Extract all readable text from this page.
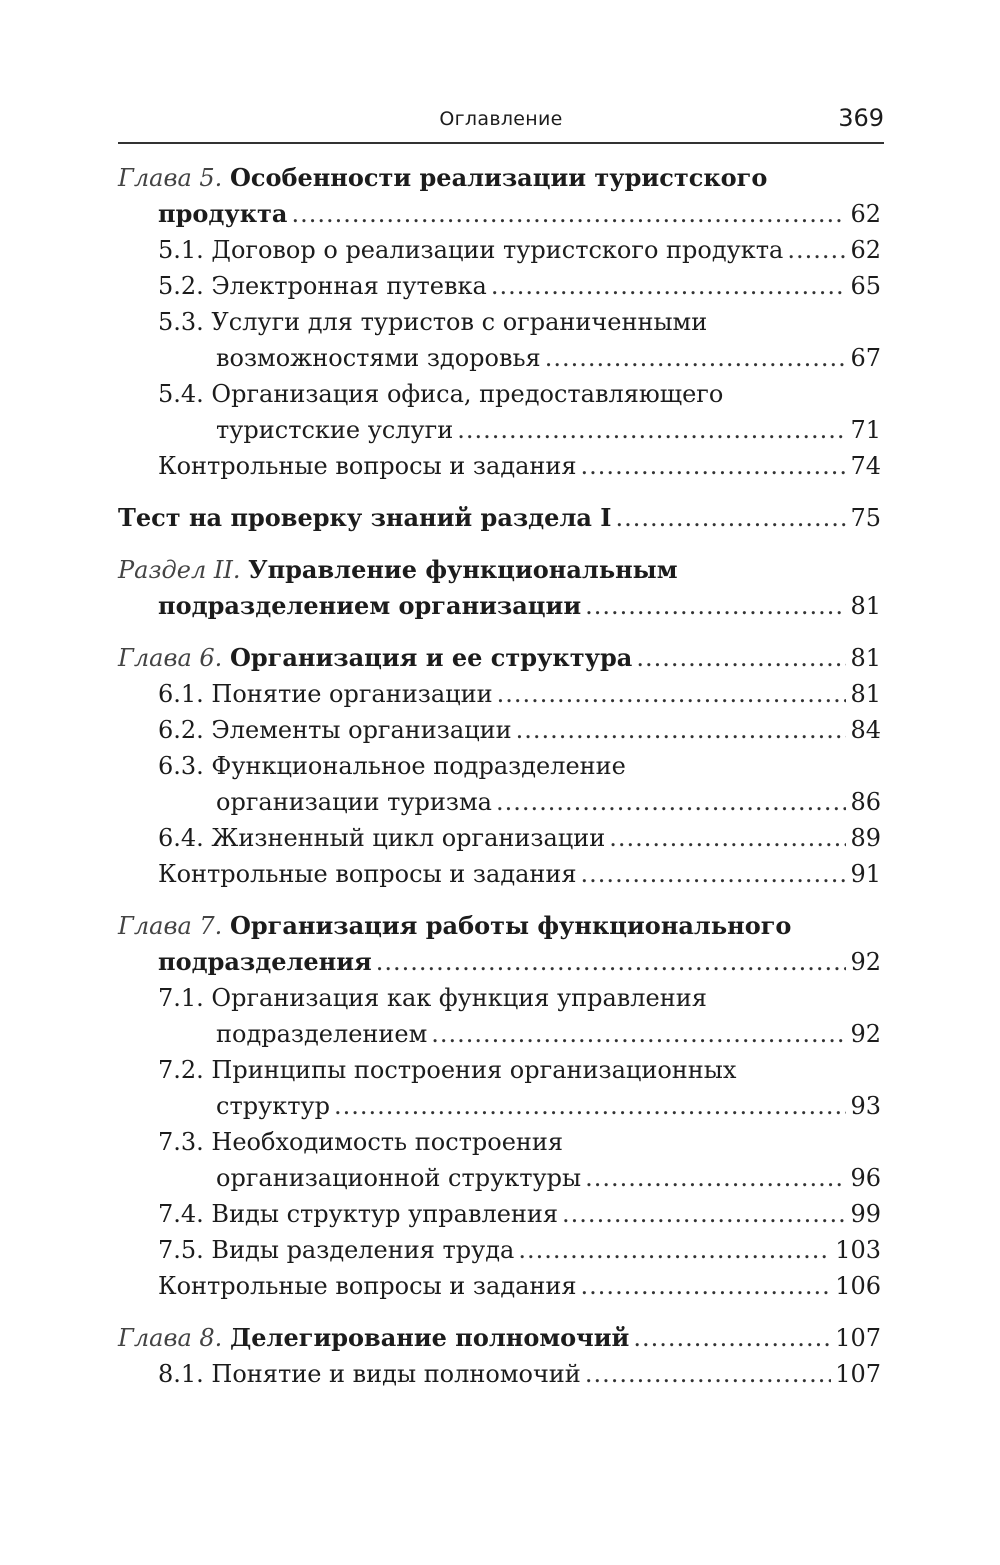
Оглавление	369
Глава 5. Особенности реализации туристского
продукта .....	62
5.1. Договор о реализации туристского продукта .....	62
5.2. Электронная путевка .....	65
5.3. Услуги для туристов с ограниченными
возможностями здоровья .....	67
5.4. Организация офиса, предоставляющего
туристские услуги .....	71
Контрольные вопросы и задания .....	74
Тест на проверку знаний раздела I .....	75
Раздел II. Управление функциональным
подразделением организации .....	81
Глава 6. Организация и ее структура .....	81
6.1. Понятие организации .....	81
6.2. Элементы организации .....	84
6.3. Функциональное подразделение
организации туризма .....	86
6.4. Жизненный цикл организации .....	89
Контрольные вопросы и задания .....	91
Глава 7. Организация работы функционального
подразделения .....	92
7.1. Организация как функция управления
подразделением .....	92
7.2. Принципы построения организационных
структур .....	93
7.3. Необходимость построения
организационной структуры .....	96
7.4. Виды структур управления .....	99
7.5. Виды разделения труда .....	103
Контрольные вопросы и задания .....	106
Глава 8. Делегирование полномочий .....	107
8.1. Понятие и виды полномочий .....	107
